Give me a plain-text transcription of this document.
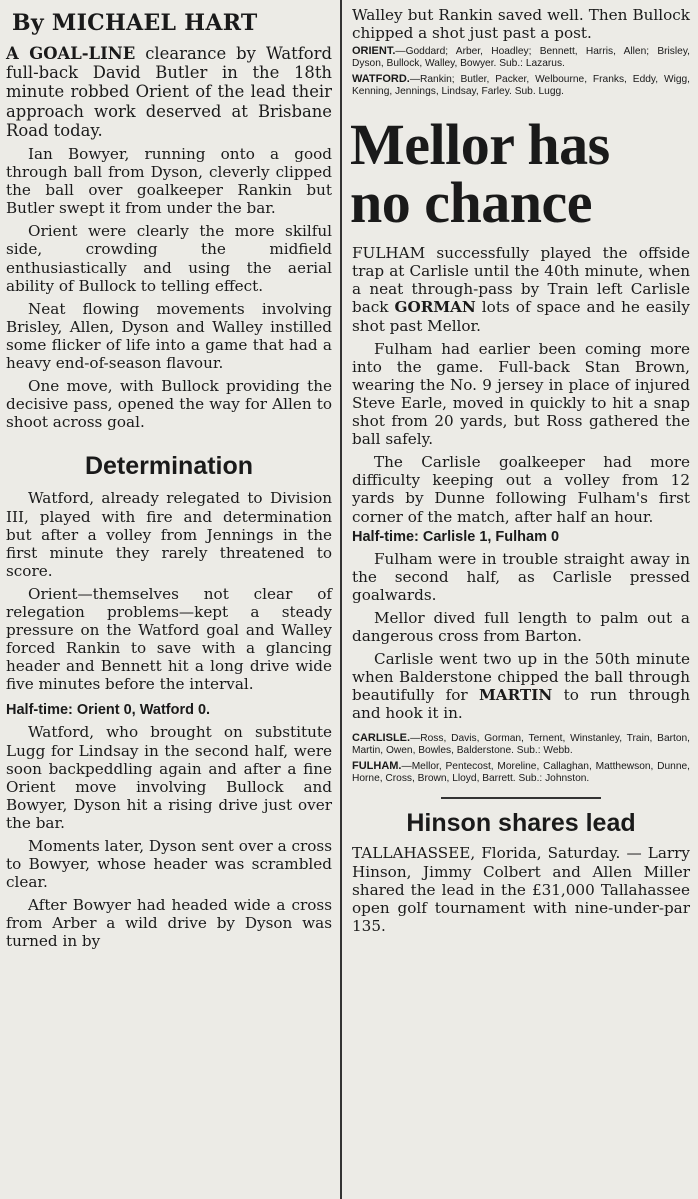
By MICHAEL HART

A GOAL-LINE clearance by Watford full-back David Butler in the 18th minute robbed Orient of the lead their approach work deserved at Brisbane Road today.

Ian Bowyer, running onto a good through ball from Dyson, cleverly clipped the ball over goalkeeper Rankin but Butler swept it from under the bar.

Orient were clearly the more skilful side, crowding the midfield enthusiastically and using the aerial ability of Bullock to telling effect.

Neat flowing movements involving Brisley, Allen, Dyson and Walley instilled some flicker of life into a game that had a heavy end-of-season flavour.

One move, with Bullock providing the decisive pass, opened the way for Allen to shoot across goal.

Determination

Watford, already relegated to Division III, played with fire and determination but after a volley from Jennings in the first minute they rarely threatened to score.

Orient—themselves not clear of relegation problems—kept a steady pressure on the Watford goal and Walley forced Rankin to save with a glancing header and Bennett hit a long drive wide five minutes before the interval.

Half-time: Orient 0, Watford 0.

Watford, who brought on substitute Lugg for Lindsay in the second half, were soon backpeddling again and after a fine Orient move involving Bullock and Bowyer, Dyson hit a rising drive just over the bar.

Moments later, Dyson sent over a cross to Bowyer, whose header was scrambled clear.

After Bowyer had headed wide a cross from Arber a wild drive by Dyson was turned in by

Walley but Rankin saved well. Then Bullock chipped a shot just past a post.

ORIENT.—Goddard; Arber, Hoadley; Bennett, Harris, Allen; Brisley, Dyson, Bullock, Walley, Bowyer. Sub.: Lazarus.

WATFORD.—Rankin; Butler, Packer, Welbourne, Franks, Eddy, Wigg, Kenning, Jennings, Lindsay, Farley. Sub. Lugg.

Mellor has
no chance

FULHAM successfully played the offside trap at Carlisle until the 40th minute, when a neat through-pass by Train left Carlisle back GORMAN lots of space and he easily shot past Mellor.

Fulham had earlier been coming more into the game. Full-back Stan Brown, wearing the No. 9 jersey in place of injured Steve Earle, moved in quickly to hit a snap shot from 20 yards, but Ross gathered the ball safely.

The Carlisle goalkeeper had more difficulty keeping out a volley from 12 yards by Dunne following Fulham's first corner of the match, after half an hour.

Half-time: Carlisle 1, Fulham 0

Fulham were in trouble straight away in the second half, as Carlisle pressed goalwards.

Mellor dived full length to palm out a dangerous cross from Barton.

Carlisle went two up in the 50th minute when Balderstone chipped the ball through beautifully for MARTIN to run through and hook it in.

CARLISLE.—Ross, Davis, Gorman, Ternent, Winstanley, Train, Barton, Martin, Owen, Bowles, Balderstone. Sub.: Webb.

FULHAM.—Mellor, Pentecost, Moreline, Callaghan, Matthewson, Dunne, Horne, Cross, Brown, Lloyd, Barrett. Sub.: Johnston.

Hinson shares lead

TALLAHASSEE, Florida, Saturday. — Larry Hinson, Jimmy Colbert and Allen Miller shared the lead in the £31,000 Tallahassee open golf tournament with nine-under-par 135.
